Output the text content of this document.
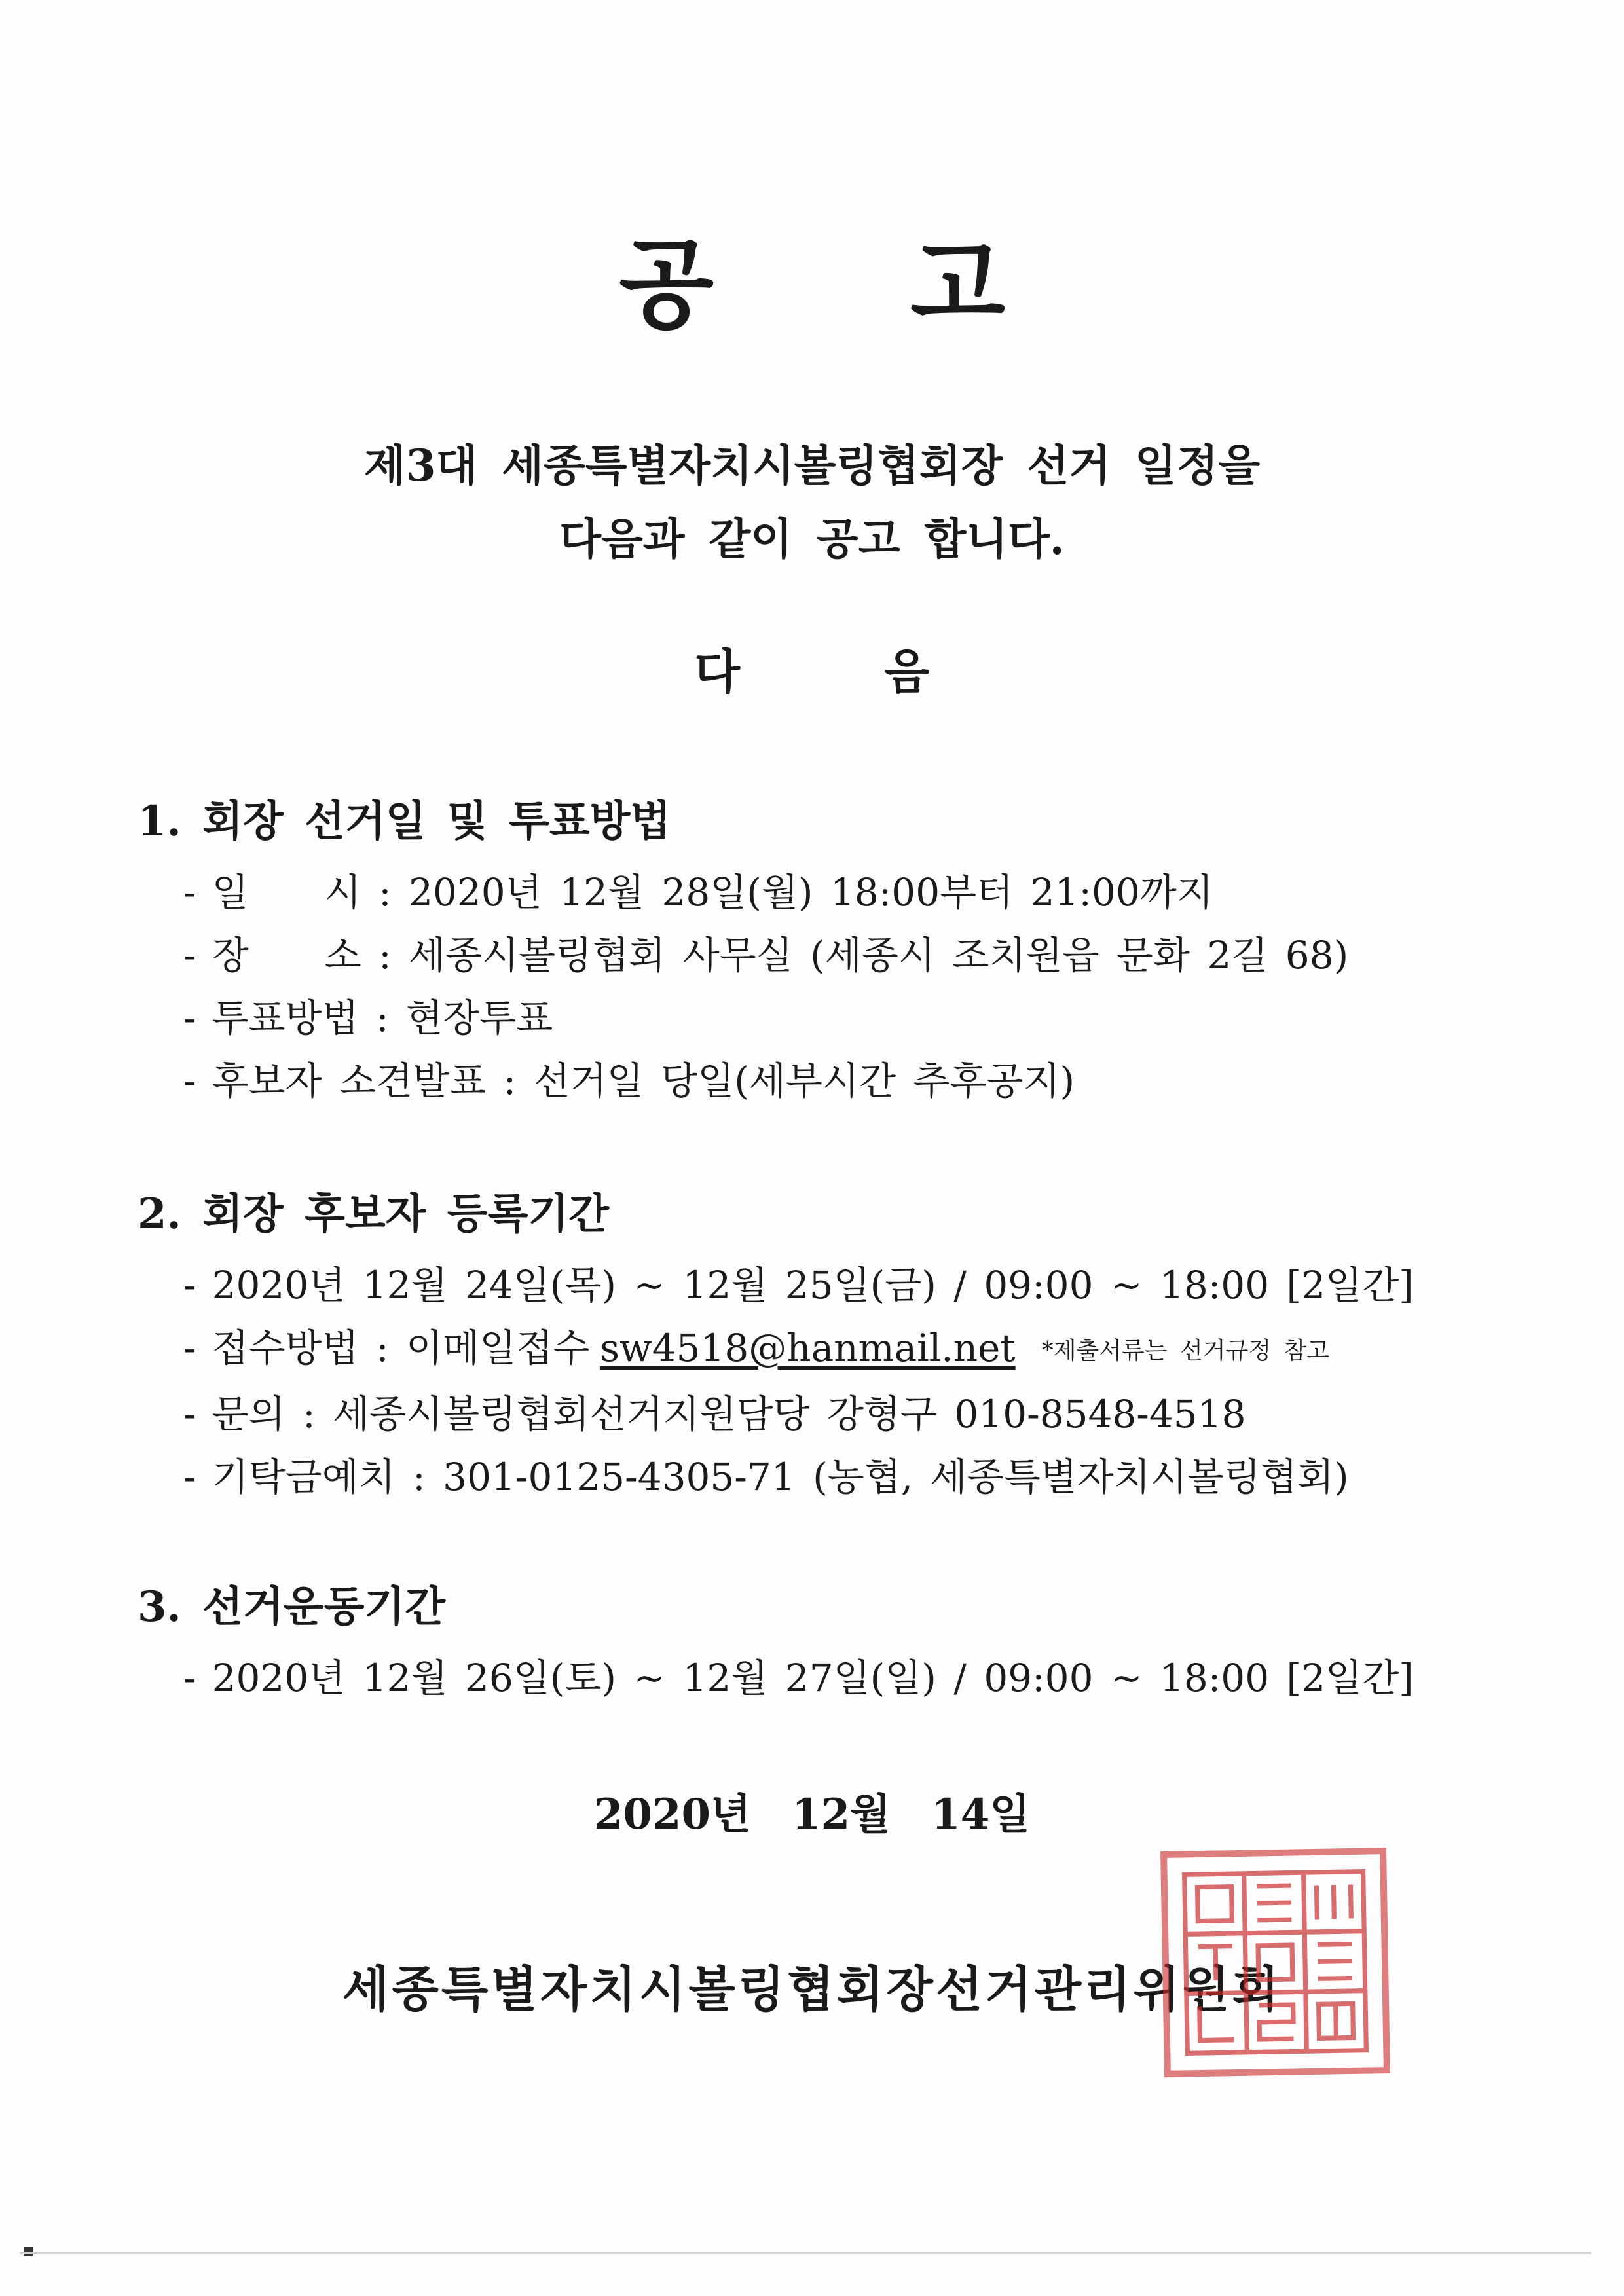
공 고
제3대 세종특별자치시볼링협회장 선거 일정을
다음과 같이 공고 합니다.
다	음
1. 회장 선거일 및 투표방법
- 일　　시 : 2020년 12월 28일(월) 18:00부터 21:00까지
- 장　　소 : 세종시볼링협회 사무실 (세종시 조치원읍 문화 2길 68)
- 투표방법 : 현장투표
- 후보자 소견발표 : 선거일 당일(세부시간 추후공지)
2. 회장 후보자 등록기간
- 2020년 12월 24일(목) ~ 12월 25일(금) / 09:00 ~ 18:00 [2일간]
- 접수방법 : 이메일접수 sw4518@hanmail.net *제출서류는 선거규정 참고
- 문의 : 세종시볼링협회선거지원담당 강형구 010-8548-4518
- 기탁금예치 : 301-0125-4305-71 (농협, 세종특별자치시볼링협회)
3. 선거운동기간
- 2020년 12월 26일(토) ~ 12월 27일(일) / 09:00 ~ 18:00 [2일간]
2020년 12월 14일
세종특별자치시볼링협회장선거관리위원회
